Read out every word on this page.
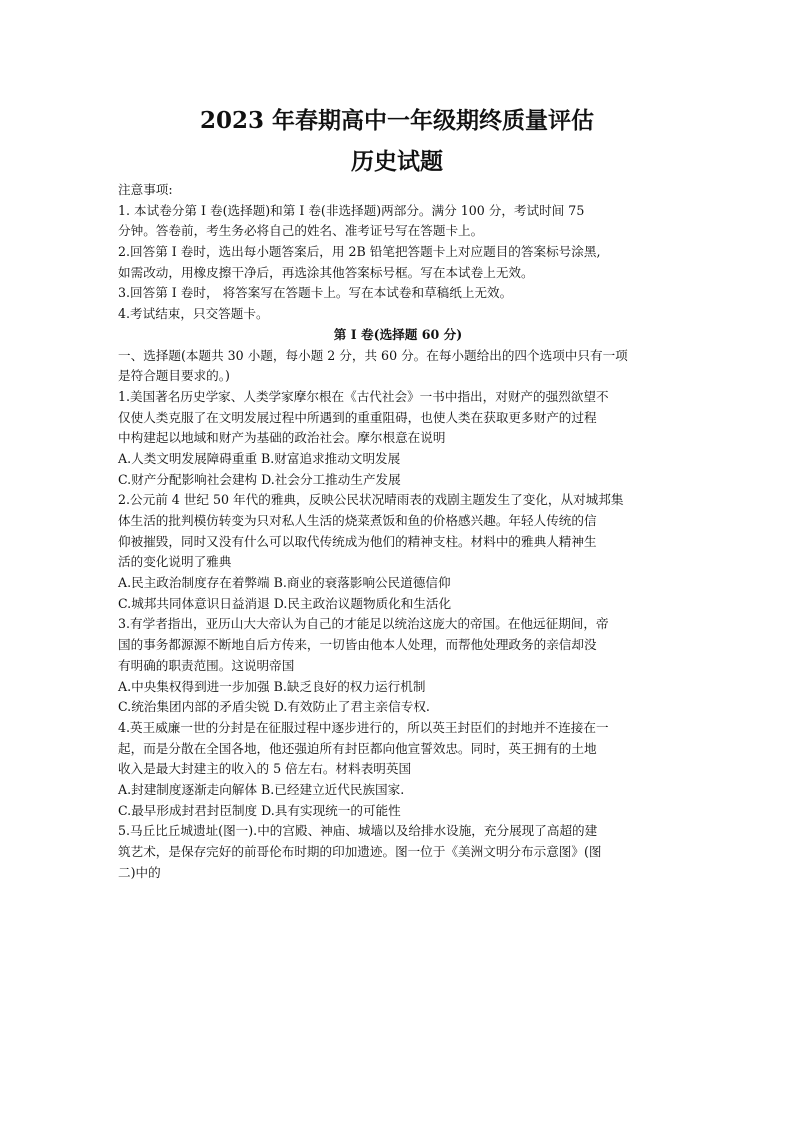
2023 年春期高中一年级期终质量评估
历史试题
注意事项:
1. 本试卷分第 I 卷(选择题)和第 I 卷(非选择题)两部分。满分 100 分，考试时间 75
分钟。答卷前，考生务必将自己的姓名、准考证号写在答题卡上。
2.回答第 I 卷时，选出每小题答案后，用 2B 铅笔把答题卡上对应题目的答案标号涂黑,
如需改动，用橡皮擦干净后，再选涂其他答案标号框。写在本试卷上无效。
3.回答第 I 卷时， 将答案写在答题卡上。写在本试卷和草稿纸上无效。
4.考试结束，只交答题卡。
第 I 卷(选择题 60 分)
一、选择题(本题共 30 小题，每小题 2 分，共 60 分。在每小题给出的四个选项中只有一项
是符合题目要求的。)
1.美国著名历史学家、人类学家摩尔根在《古代社会》一书中指出，对财产的强烈欲望不
仅使人类克服了在文明发展过程中所遇到的重重阻碍，也使人类在获取更多财产的过程
中构建起以地域和财产为基础的政治社会。摩尔根意在说明
A.人类文明发展障碍重重 B.财富追求推动文明发展
C.财产分配影响社会建构 D.社会分工推动生产发展
2.公元前 4 世纪 50 年代的雅典，反映公民状况晴雨表的戏剧主题发生了变化，从对城邦集
体生活的批判模仿转变为只对私人生活的烧菜煮饭和鱼的价格感兴趣。年轻人传统的信
仰被摧毁，同时又没有什么可以取代传统成为他们的精神支柱。材料中的雅典人精神生
活的变化说明了雅典
A.民主政治制度存在着弊端 B.商业的衰落影响公民道德信仰
C.城邦共同体意识日益消退 D.民主政治议题物质化和生活化
3.有学者指出，亚历山大大帝认为自己的才能足以统治这庞大的帝国。在他远征期间，帝
国的事务都源源不断地自后方传来，一切皆由他本人处理，而帮他处理政务的亲信却没
有明确的职责范围。这说明帝国
A.中央集权得到进一步加强 B.缺乏良好的权力运行机制
C.统治集团内部的矛盾尖锐 D.有效防止了君主亲信专权.
4.英王威廉一世的分封是在征服过程中逐步进行的，所以英王封臣们的封地并不连接在一
起，而是分散在全国各地，他还强迫所有封臣都向他宣誓效忠。同时，英王拥有的土地
收入是最大封建主的收入的 5 倍左右。材料表明英国
A.封建制度逐渐走向解体 B.已经建立近代民族国家.
C.最早形成封君封臣制度 D.具有实现统一的可能性
5.马丘比丘城遗址(图一).中的宫殿、神庙、城墙以及给排水设施，充分展现了高超的建
筑艺术，是保存完好的前哥伦布时期的印加遗迹。图一位于《美洲文明分布示意图》(图
二)中的
